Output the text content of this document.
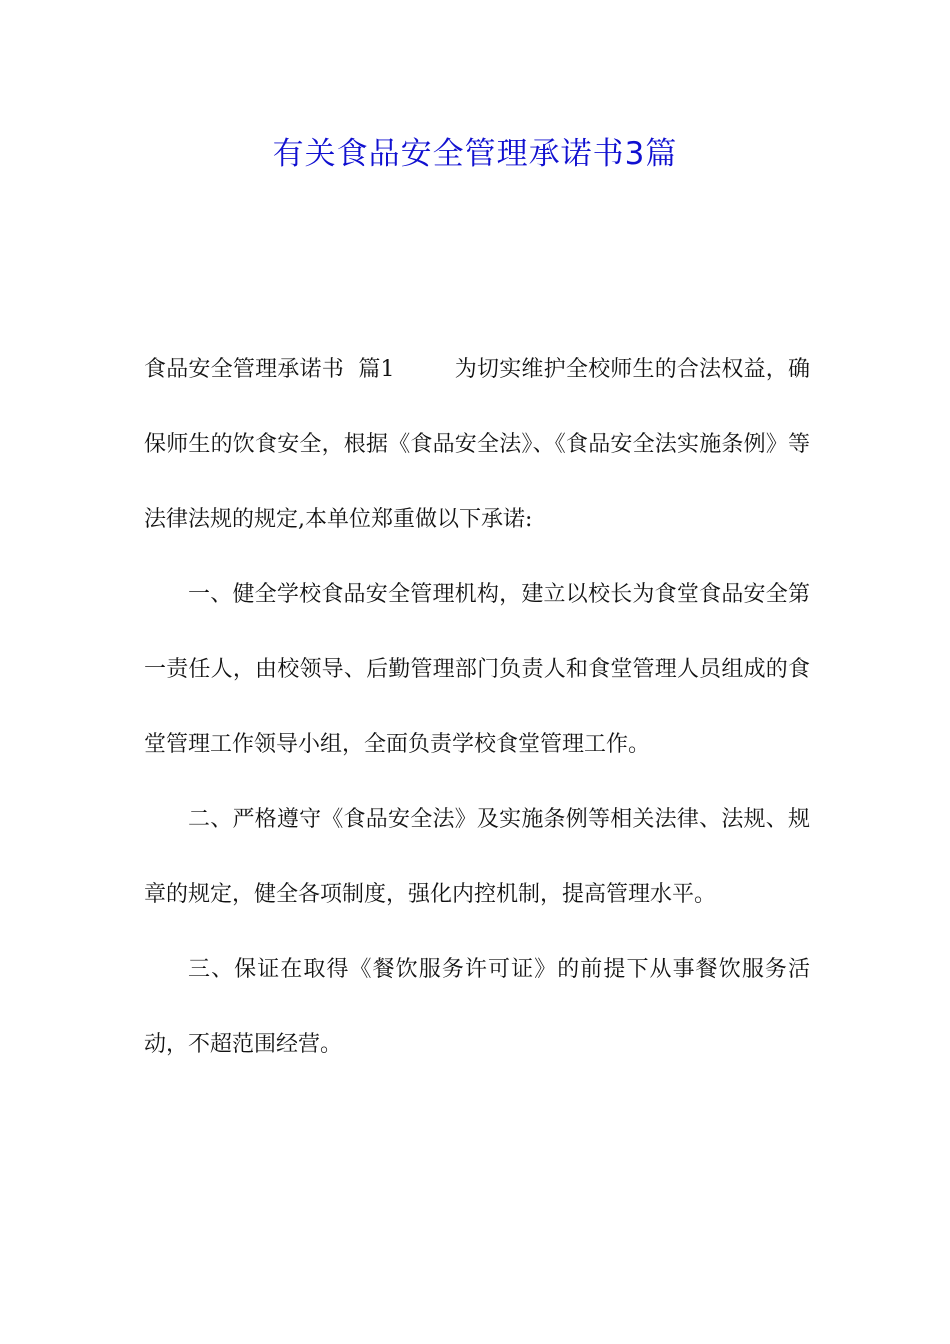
有关食品安全管理承诺书3篇

食品安全管理承诺书  篇1	为切实维护全校师生的合法权益，确保师生的饮食安全，根据《食品安全法》、《食品安全法实施条例》等法律法规的规定,本单位郑重做以下承诺:

一、健全学校食品安全管理机构，建立以校长为食堂食品安全第一责任人，由校领导、后勤管理部门负责人和食堂管理人员组成的食堂管理工作领导小组，全面负责学校食堂管理工作。

二、严格遵守《食品安全法》及实施条例等相关法律、法规、规章的规定，健全各项制度，强化内控机制，提高管理水平。

三、保证在取得《餐饮服务许可证》的前提下从事餐饮服务活动，不超范围经营。
